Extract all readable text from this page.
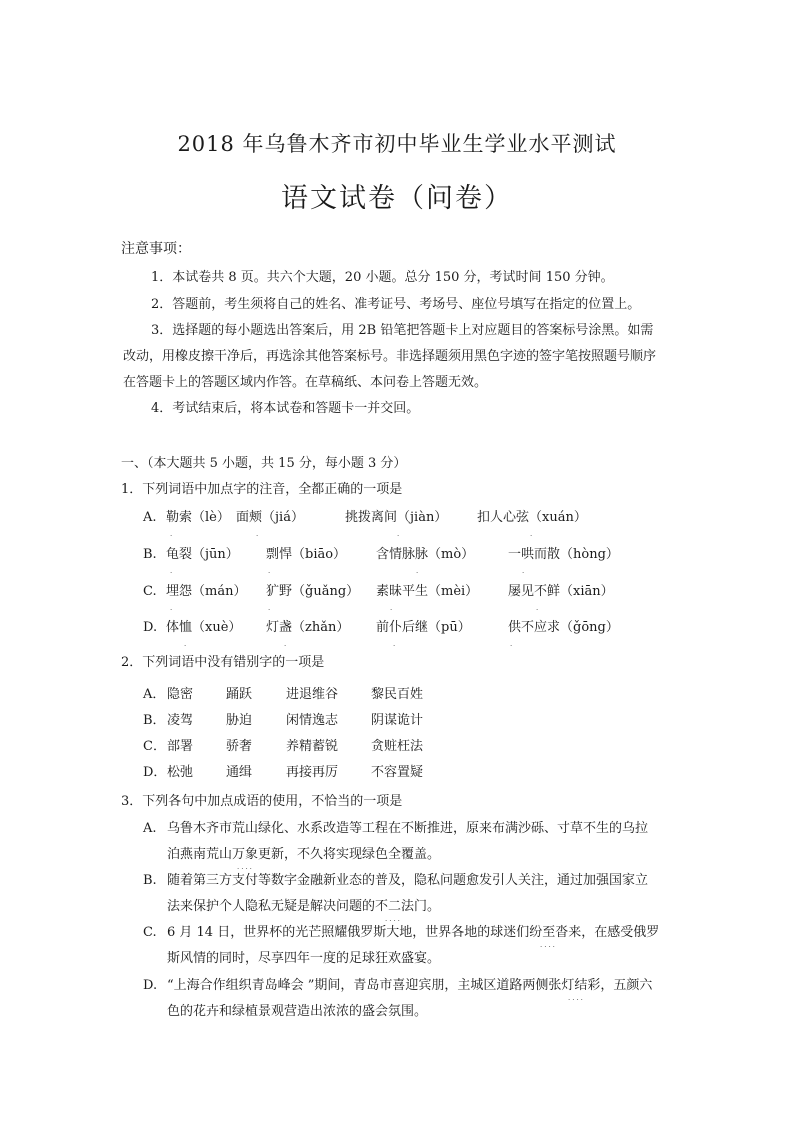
2018 年乌鲁木齐市初中毕业生学业水平测试
语文试卷（问卷）
注意事项：
1．本试卷共 8 页。共六个大题，20 小题。总分 150 分，考试时间 150 分钟。
2．答题前，考生须将自己的姓名、准考证号、考场号、座位号填写在指定的位置上。
3．选择题的每小题选出答案后，用 2B 铅笔把答题卡上对应题目的答案标号涂黑。如需
改动，用橡皮擦干净后，再选涂其他答案标号。非选择题须用黑色字迹的签字笔按照题号顺序
在答题卡上的答题区域内作答。在草稿纸、本问卷上答题无效。
4．考试结束后，将本试卷和答题卡一并交回。
一、（本大题共 5 小题，共 15 分，每小题 3 分）
1．下列词语中加点字的注音，全都正确的一项是
A. 勒索（lè） 面颊（jiá）	挑拨离间（jiàn） 扣人心弦（xuán）
B. 龟裂（jūn） 剽悍（biāo） 含情脉脉（mò）	一哄而散（hòng）
C. 埋怨（mán） 犷野（ǧuǎng） 素昧平生（mèi） 屡见不鲜（xiān）
D. 体恤（xuè） 灯盏（zhǎn） 前仆后继（pū）	供不应求（ǧōng）
.	.	.	.
.	.	.	.
.	.	.	.
.	.	.	.
2．下列词语中没有错别字的一项是
A． 隐密	踊跃	进退维谷	黎民百姓
B． 凌驾	胁迫	闲情逸志	阴谋诡计
C． 部署	骄奢	养精蓄锐	贪赃枉法
D． 松弛	通缉	再接再厉	不容置疑
3．下列各句中加点成语的使用，不恰当的一项是
A. 乌鲁木齐市荒山绿化、水系改造等工程在不断推进，原来布满沙砾、寸草不生的乌拉
泊燕南荒山万象更新，不久将实现绿色全覆盖。
....
B. 随着第三方支付等数字金融新业态的普及，隐私问题愈发引人关注，通过加强国家立
法来保护个人隐私无疑是解决问题的不二法门。
....
C. 6 月 14 日，世界杯的光芒照耀俄罗斯大地，世界各地的球迷们纷至沓来，在感受俄罗
斯风情的同时，尽享四年一度的足球狂欢盛宴。
....
D. “上海合作组织青岛峰会 ”期间，青岛市喜迎宾朋，主城区道路两侧张灯结彩，五颜六
色的花卉和绿植景观营造出浓浓的盛会氛围。
....
